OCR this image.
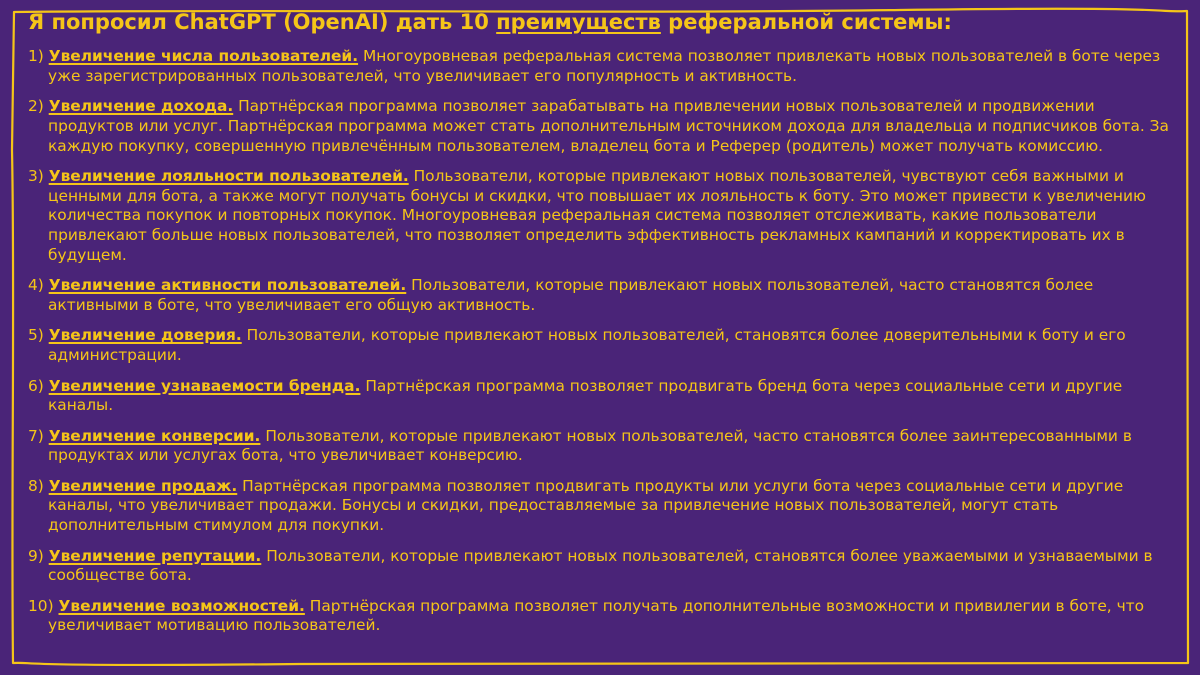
Я попросил ChatGPT (OpenAI) дать 10 преимуществ реферальной системы:
1) Увеличение числа пользователей. Многоуровневая реферальная система позволяет привлекать новых пользователей в боте через уже зарегистрированных пользователей, что увеличивает его популярность и активность.
2) Увеличение дохода. Партнёрская программа позволяет зарабатывать на привлечении новых пользователей и продвижении продуктов или услуг. Партнёрская программа может стать дополнительным источником дохода для владельца и подписчиков бота. За каждую покупку, совершенную привлечённым пользователем, владелец бота и Реферер (родитель) может получать комиссию.
3) Увеличение лояльности пользователей. Пользователи, которые привлекают новых пользователей, чувствуют себя важными и ценными для бота, а также могут получать бонусы и скидки, что повышает их лояльность к боту. Это может привести к увеличению количества покупок и повторных покупок. Многоуровневая реферальная система позволяет отслеживать, какие пользователи привлекают больше новых пользователей, что позволяет определить эффективность рекламных кампаний и корректировать их в будущем.
4) Увеличение активности пользователей. Пользователи, которые привлекают новых пользователей, часто становятся более активными в боте, что увеличивает его общую активность.
5) Увеличение доверия. Пользователи, которые привлекают новых пользователей, становятся более доверительными к боту и его администрации.
6) Увеличение узнаваемости бренда. Партнёрская программа позволяет продвигать бренд бота через социальные сети и другие каналы.
7) Увеличение конверсии. Пользователи, которые привлекают новых пользователей, часто становятся более заинтересованными в продуктах или услугах бота, что увеличивает конверсию.
8) Увеличение продаж. Партнёрская программа позволяет продвигать продукты или услуги бота через социальные сети и другие каналы, что увеличивает продажи. Бонусы и скидки, предоставляемые за привлечение новых пользователей, могут стать дополнительным стимулом для покупки.
9) Увеличение репутации. Пользователи, которые привлекают новых пользователей, становятся более уважаемыми и узнаваемыми в сообществе бота.
10) Увеличение возможностей. Партнёрская программа позволяет получать дополнительные возможности и привилегии в боте, что увеличивает мотивацию пользователей.
